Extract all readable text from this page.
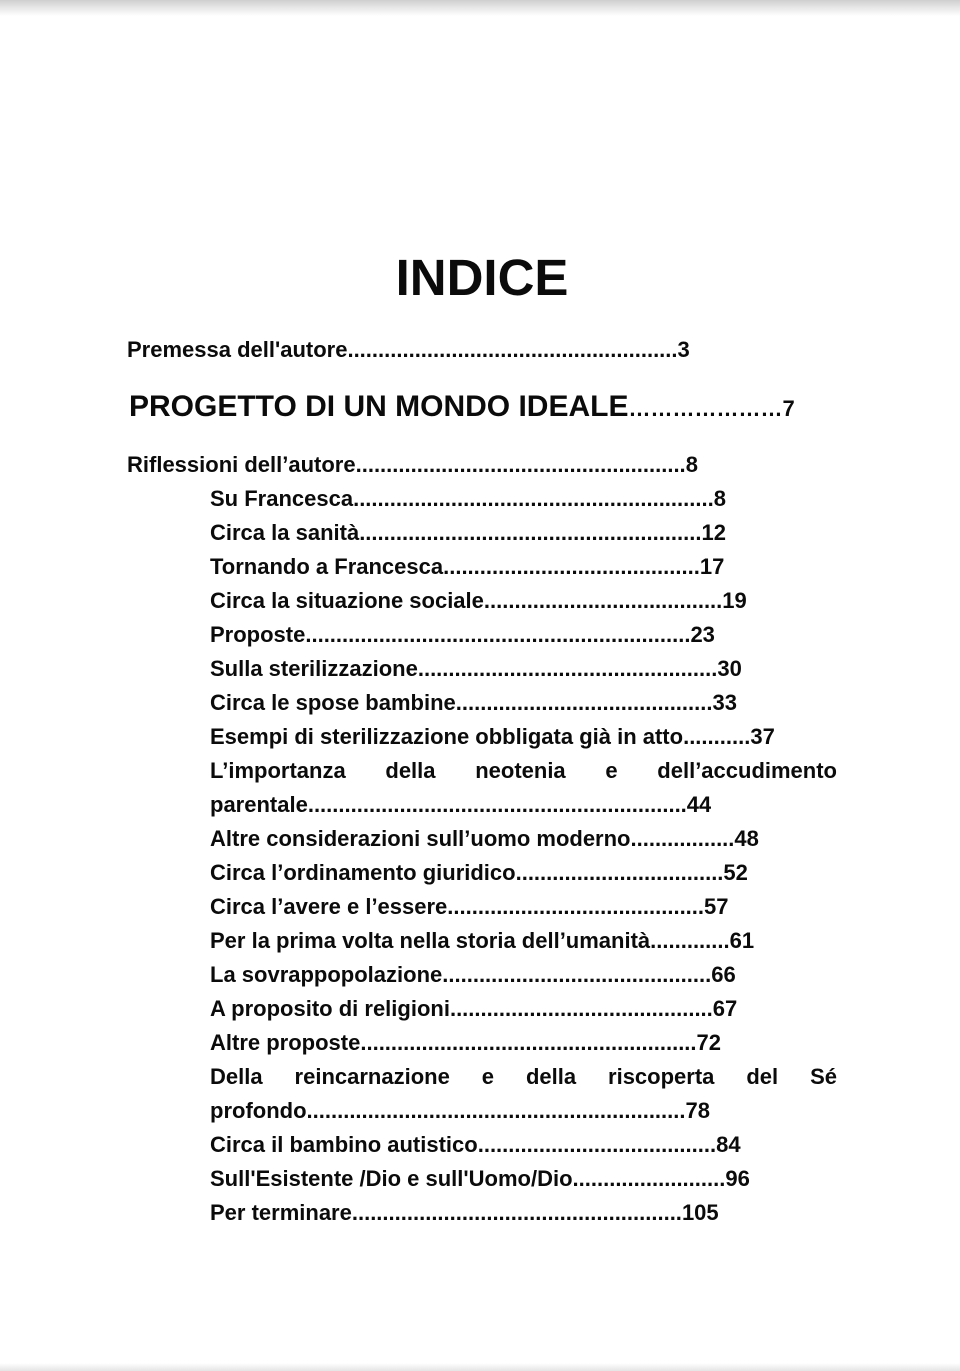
INDICE
Premessa dell'autore......................................................3
PROGETTO DI UN MONDO IDEALE…………………7
Riflessioni dell’autore......................................................8
Su Francesca...........................................................8
Circa la sanità........................................................12
Tornando a Francesca..........................................17
Circa la situazione sociale.......................................19
Proposte...............................................................23
Sulla sterilizzazione.................................................30
Circa le spose bambine..........................................33
Esempi di sterilizzazione obbligata già in atto...........37
L’importanza della neotenia e dell’accudimento
parentale..............................................................44
Altre considerazioni sull’uomo moderno.................48
Circa l’ordinamento giuridico..................................52
Circa l’avere e l’essere..........................................57
Per la prima volta nella storia dell’umanità.............61
La sovrappopolazione............................................66
A proposito di religioni...........................................67
Altre proposte.......................................................72
Della reincarnazione e della riscoperta del Sé
profondo..............................................................78
Circa il bambino autistico.......................................84
Sull'Esistente /Dio e sull'Uomo/Dio.........................96
Per terminare......................................................105
